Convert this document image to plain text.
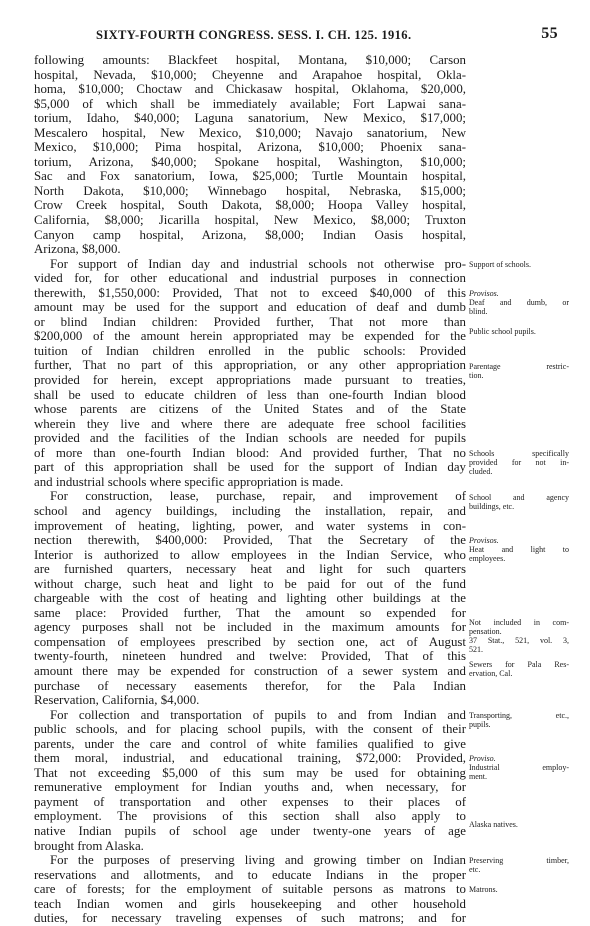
SIXTY-FOURTH CONGRESS. SESS. I. CH. 125. 1916.	55
following amounts: Blackfeet hospital, Montana, $10,000; Carson
hospital, Nevada, $10,000; Cheyenne and Arapahoe hospital, Okla-
homa, $10,000; Choctaw and Chickasaw hospital, Oklahoma, $20,000,
$5,000 of which shall be immediately available; Fort Lapwai sana-
torium, Idaho, $40,000; Laguna sanatorium, New Mexico, $17,000;
Mescalero hospital, New Mexico, $10,000; Navajo sanatorium, New
Mexico, $10,000; Pima hospital, Arizona, $10,000; Phoenix sana-
torium, Arizona, $40,000; Spokane hospital, Washington, $10,000;
Sac and Fox sanatorium, Iowa, $25,000; Turtle Mountain hospital,
North Dakota, $10,000; Winnebago hospital, Nebraska, $15,000;
Crow Creek hospital, South Dakota, $8,000; Hoopa Valley hospital,
California, $8,000; Jicarilla hospital, New Mexico, $8,000; Truxton
Canyon camp hospital, Arizona, $8,000; Indian Oasis hospital,
Arizona, $8,000.
For support of Indian day and industrial schools not otherwise pro-
vided for, for other educational and industrial purposes in connection
therewith, $1,550,000: Provided, That not to exceed $40,000 of this
amount may be used for the support and education of deaf and dumb
or blind Indian children: Provided further, That not more than
$200,000 of the amount herein appropriated may be expended for the
tuition of Indian children enrolled in the public schools: Provided
further, That no part of this appropriation, or any other appropriation
provided for herein, except appropriations made pursuant to treaties,
shall be used to educate children of less than one-fourth Indian blood
whose parents are citizens of the United States and of the State
wherein they live and where there are adequate free school facilities
provided and the facilities of the Indian schools are needed for pupils
of more than one-fourth Indian blood: And provided further, That no
part of this appropriation shall be used for the support of Indian day
and industrial schools where specific appropriation is made.
For construction, lease, purchase, repair, and improvement of
school and agency buildings, including the installation, repair, and
improvement of heating, lighting, power, and water systems in con-
nection therewith, $400,000: Provided, That the Secretary of the
Interior is authorized to allow employees in the Indian Service, who
are furnished quarters, necessary heat and light for such quarters
without charge, such heat and light to be paid for out of the fund
chargeable with the cost of heating and lighting other buildings at the
same place: Provided further, That the amount so expended for
agency purposes shall not be included in the maximum amounts for
compensation of employees prescribed by section one, act of August
twenty-fourth, nineteen hundred and twelve: Provided, That of this
amount there may be expended for construction of a sewer system and
purchase of necessary easements therefor, for the Pala Indian
Reservation, California, $4,000.
For collection and transportation of pupils to and from Indian and
public schools, and for placing school pupils, with the consent of their
parents, under the care and control of white families qualified to give
them moral, industrial, and educational training, $72,000: Provided,
That not exceeding $5,000 of this sum may be used for obtaining
remunerative employment for Indian youths and, when necessary, for
payment of transportation and other expenses to their places of
employment. The provisions of this section shall also apply to
native Indian pupils of school age under twenty-one years of age
brought from Alaska.
For the purposes of preserving living and growing timber on Indian
reservations and allotments, and to educate Indians in the proper
care of forests; for the employment of suitable persons as matrons to
teach Indian women and girls housekeeping and other household
duties, for necessary traveling expenses of such matrons; and for
Support of schools.
Provisos.
Deaf and dumb, or
blind.
Public school pupils.
Parentage restric-
tion.
Schools specifically
provided for not in-
cluded.
School and agency
buildings, etc.
Provisos.
Heat and light to
employees.
Not included in com-
pensation.
37 Stat., 521, vol. 3,
521.
Sewers for Pala Res-
ervation, Cal.
Transporting, etc.,
pupils.
Proviso.
Industrial employ-
ment.
Alaska natives.
Preserving timber,
etc.
Matrons.
